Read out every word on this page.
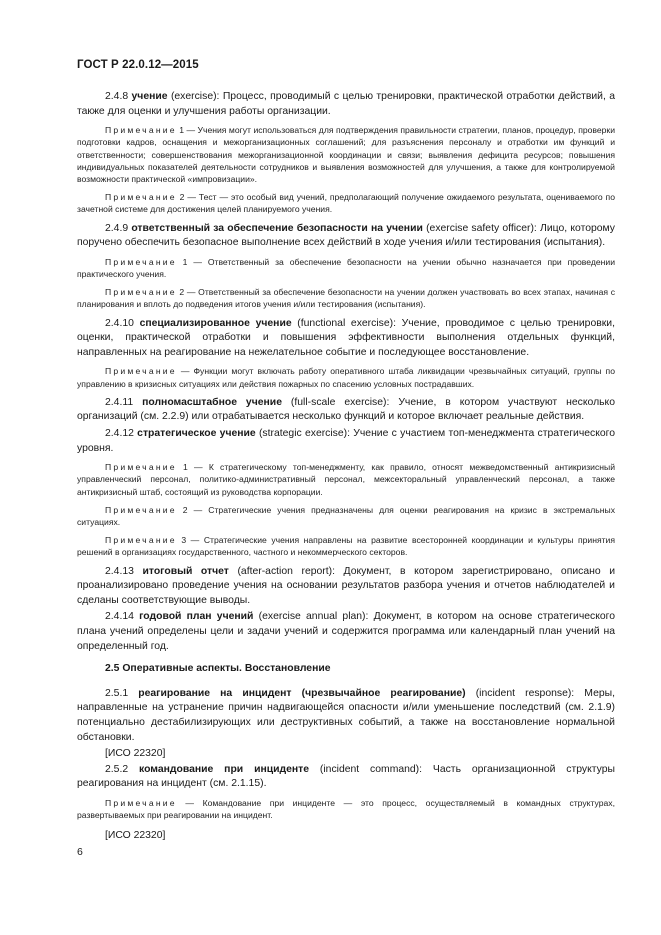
ГОСТ Р 22.0.12—2015

2.4.8 учение (exercise): Процесс, проводимый с целью тренировки, практической отработки действий, а также для оценки и улучшения работы организации.

Примечание 1 — Учения могут использоваться для подтверждения правильности стратегии, планов, процедур, проверки подготовки кадров, оснащения и межорганизационных соглашений; для разъяснения персоналу и отработки им функций и ответственности; совершенствования межорганизационной координации и связи; выявления дефицита ресурсов; повышения индивидуальных показателей деятельности сотрудников и выявления возможностей для улучшения, а также для контролируемой возможности практической «импровизации».

Примечание 2 — Тест — это особый вид учений, предполагающий получение ожидаемого результата, оцениваемого по зачетной системе для достижения целей планируемого учения.

2.4.9 ответственный за обеспечение безопасности на учении (exercise safety officer): Лицо, которому поручено обеспечить безопасное выполнение всех действий в ходе учения и/или тестирования (испытания).

Примечание 1 — Ответственный за обеспечение безопасности на учении обычно назначается при проведении практического учения.

Примечание 2 — Ответственный за обеспечение безопасности на учении должен участвовать во всех этапах, начиная с планирования и вплоть до подведения итогов учения и/или тестирования (испытания).

2.4.10 специализированное учение (functional exercise): Учение, проводимое с целью тренировки, оценки, практической отработки и повышения эффективности выполнения отдельных функций, направленных на реагирование на нежелательное событие и последующее восстановление.

Примечание — Функции могут включать работу оперативного штаба ликвидации чрезвычайных ситуаций, группы по управлению в кризисных ситуациях или действия пожарных по спасению условных пострадавших.

2.4.11 полномасштабное учение (full-scale exercise): Учение, в котором участвуют несколько организаций (см. 2.2.9) или отрабатывается несколько функций и которое включает реальные действия.

2.4.12 стратегическое учение (strategic exercise): Учение с участием топ-менеджмента стратегического уровня.

Примечание 1 — К стратегическому топ-менеджменту, как правило, относят межведомственный антикризисный управленческий персонал, политико-административный персонал, межсекторальный управленческий персонал, а также антикризисный штаб, состоящий из руководства корпорации.

Примечание 2 — Стратегические учения предназначены для оценки реагирования на кризис в экстремальных ситуациях.

Примечание 3 — Стратегические учения направлены на развитие всесторонней координации и культуры принятия решений в организациях государственного, частного и некоммерческого секторов.

2.4.13 итоговый отчет (after-action report): Документ, в котором зарегистрировано, описано и проанализировано проведение учения на основании результатов разбора учения и отчетов наблюдателей и сделаны соответствующие выводы.

2.4.14 годовой план учений (exercise annual plan): Документ, в котором на основе стратегического плана учений определены цели и задачи учений и содержится программа или календарный план учений на определенный год.

2.5 Оперативные аспекты. Восстановление

2.5.1 реагирование на инцидент (чрезвычайное реагирование) (incident response): Меры, направленные на устранение причин надвигающейся опасности и/или уменьшение последствий (см. 2.1.9) потенциально дестабилизирующих или деструктивных событий, а также на восстановление нормальной обстановки.

[ИСО 22320]

2.5.2 командование при инциденте (incident command): Часть организационной структуры реагирования на инцидент (см. 2.1.15).

Примечание — Командование при инциденте — это процесс, осуществляемый в командных структурах, развертываемых при реагировании на инцидент.

[ИСО 22320]
6
